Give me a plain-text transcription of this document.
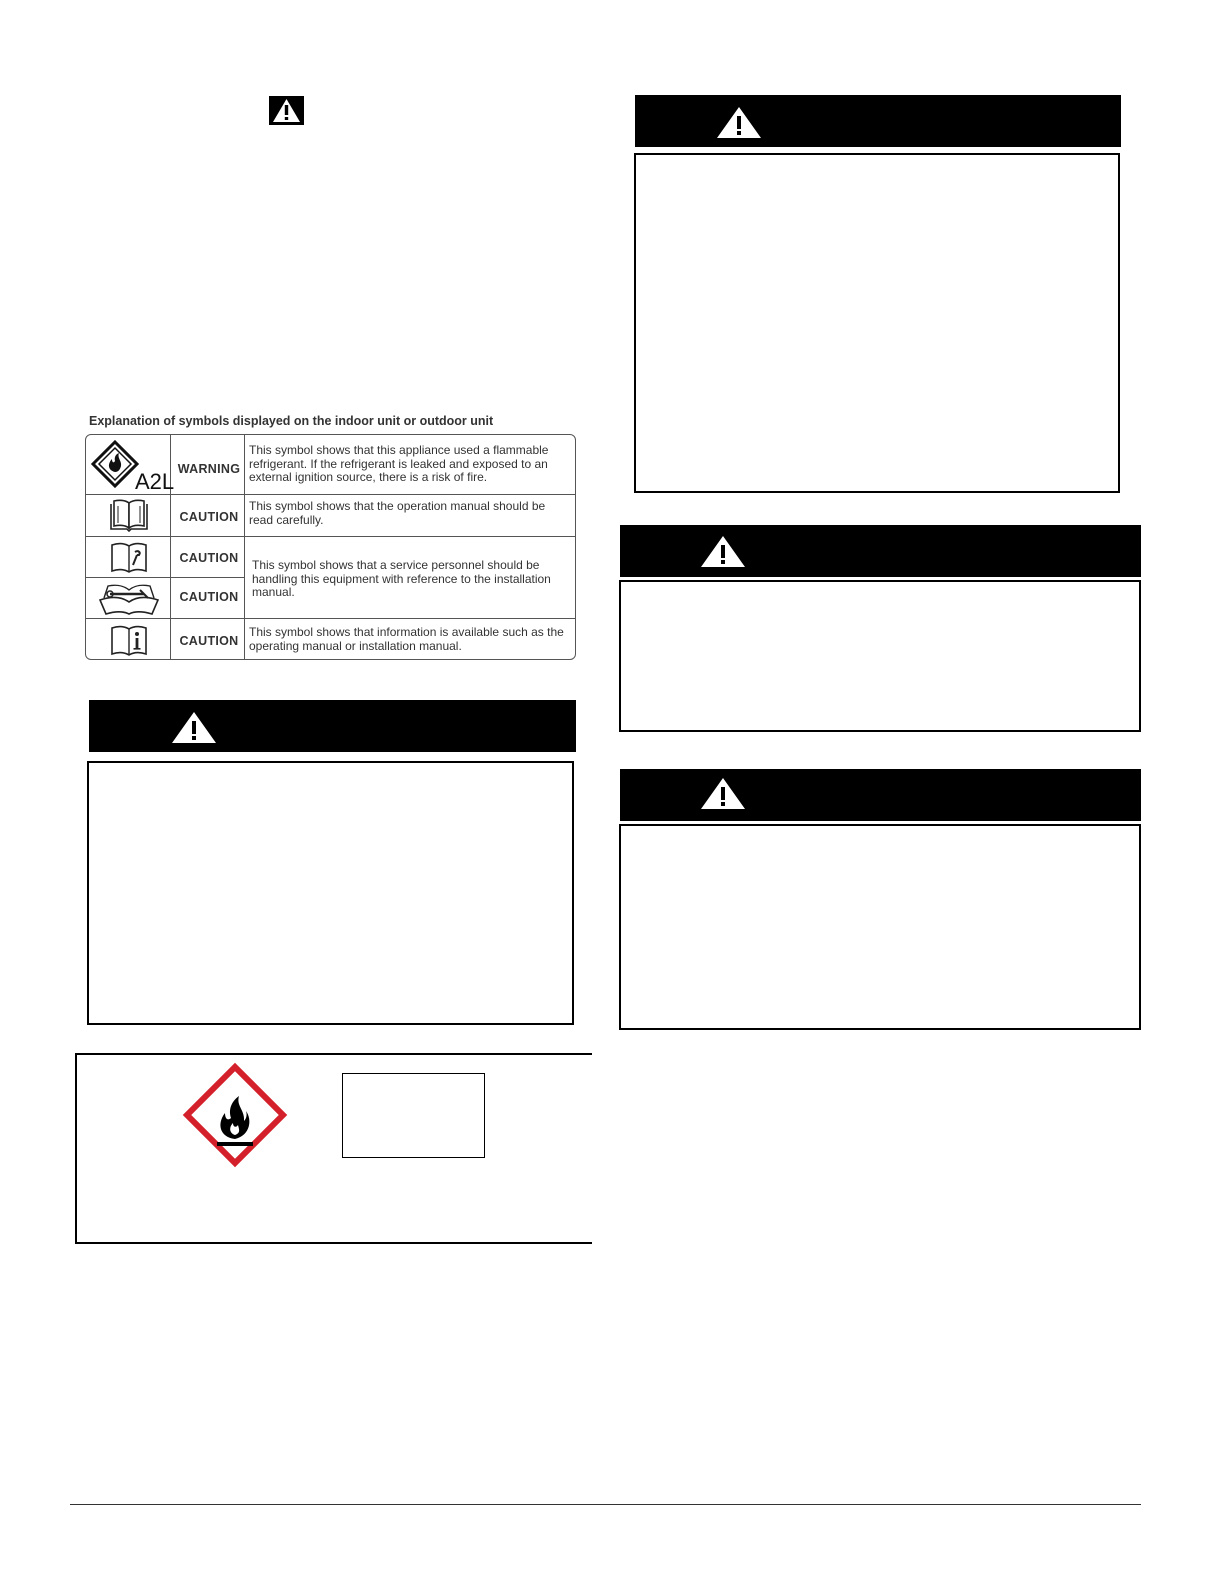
Explanation of symbols displayed on the indoor unit or outdoor unit
A2L WARNING
This symbol shows that this appliance used a flammable refrigerant. If the refrigerant is leaked and exposed to an external ignition source, there is a risk of fire.
CAUTION
This symbol shows that the operation manual should be read carefully.
CAUTION	This symbol shows that a service personnel should be handling this equipment with reference to the installation manual.
CAUTION
CAUTION
This symbol shows that information is available such as the operating manual or installation manual.
